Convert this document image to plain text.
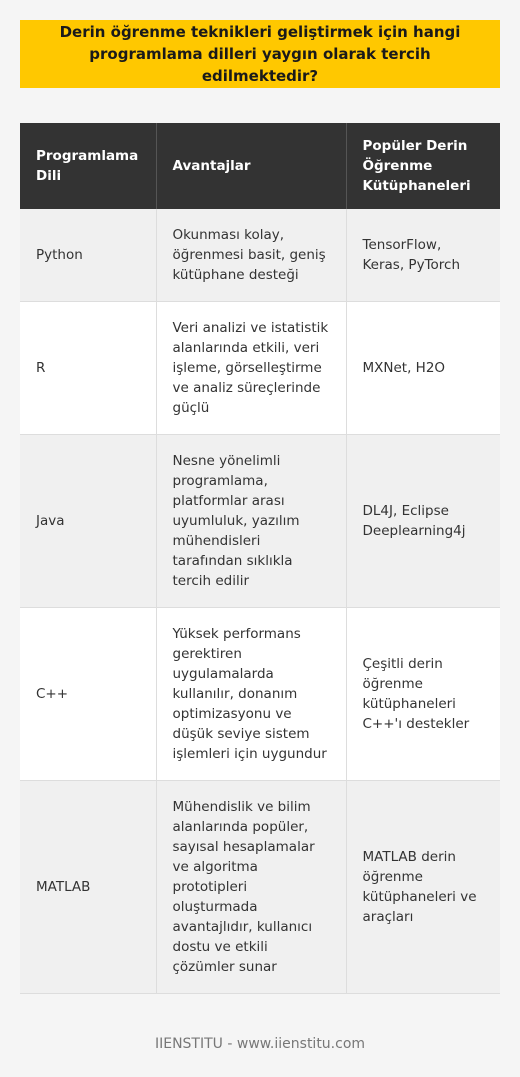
Derin öğrenme teknikleri geliştirmek için hangi programlama dilleri yaygın olarak tercih edilmektedir?
Programlama Dili	Avantajlar	Popüler Derin Öğrenme Kütüphaneleri
Python	Okunması kolay, öğrenmesi basit, geniş kütüphane desteği	TensorFlow, Keras, PyTorch
R	Veri analizi ve istatistik alanlarında etkili, veri işleme, görselleştirme ve analiz süreçlerinde güçlü	MXNet, H2O
Java	Nesne yönelimli programlama, platformlar arası uyumluluk, yazılım mühendisleri tarafından sıklıkla tercih edilir	DL4J, Eclipse Deeplearning4j
C++	Yüksek performans gerektiren uygulamalarda kullanılır, donanım optimizasyonu ve düşük seviye sistem işlemleri için uygundur	Çeşitli derin öğrenme kütüphaneleri C++'ı destekler
MATLAB	Mühendislik ve bilim alanlarında popüler, sayısal hesaplamalar ve algoritma prototipleri oluşturmada avantajlıdır, kullanıcı dostu ve etkili çözümler sunar	MATLAB derin öğrenme kütüphaneleri ve araçları
IIENSTITU - www.iienstitu.com
